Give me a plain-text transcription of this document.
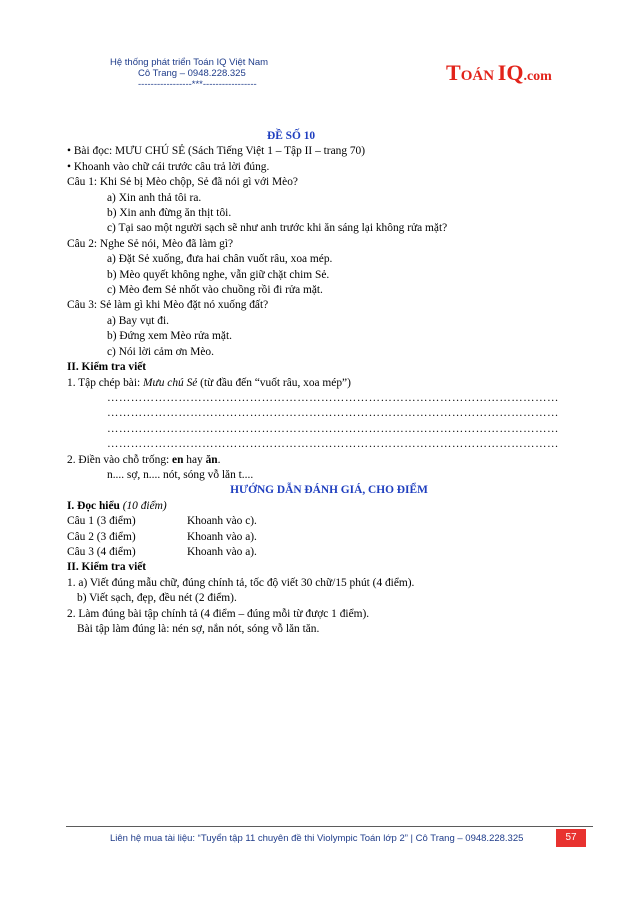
Hệ thống phát triển Toán IQ Việt Nam
Cô Trang – 0948.228.325
-----------------***-----------------	TOÁN IQ.com

ĐỀ SỐ 10

• Bài đọc: MƯU CHÚ SẺ (Sách Tiếng Việt 1 – Tập II – trang 70)

• Khoanh vào chữ cái trước câu trả lời đúng.

Câu 1: Khi Sẻ bị Mèo chộp, Sẻ đã nói gì với Mèo?

a) Xin anh thả tôi ra.

b) Xin anh đừng ăn thịt tôi.

c) Tại sao một người sạch sẽ như anh trước khi ăn sáng lại không rửa mặt?

Câu 2: Nghe Sẻ nói, Mèo đã làm gì?

a) Đặt Sẻ xuống, đưa hai chân vuốt râu, xoa mép.

b) Mèo quyết không nghe, vẫn giữ chặt chim Sẻ.

c) Mèo đem Sẻ nhốt vào chuồng rồi đi rửa mặt.

Câu 3: Sẻ làm gì khi Mèo đặt nó xuống đất?

a) Bay vụt đi.

b) Đứng xem Mèo rửa mặt.

c) Nói lời cảm ơn Mèo.

II. Kiểm tra viết

1. Tập chép bài: Mưu chú Sẻ (từ đầu đến “vuốt râu, xoa mép”)

……………………………………………………………………………………………………

……………………………………………………………………………………………………

……………………………………………………………………………………………………

……………………………………………………………………………………………………

2. Điền vào chỗ trống: en hay ăn.

n.... sợ, n.... nót, sóng vỗ lăn t....

HƯỚNG DẪN ĐÁNH GIÁ, CHO ĐIỂM

I. Đọc hiểu (10 điểm)

Câu 1 (3 điểm)	Khoanh vào c).
Câu 2 (3 điểm)	Khoanh vào a).
Câu 3 (4 điểm)	Khoanh vào a).

II. Kiểm tra viết

1. a) Viết đúng mẫu chữ, đúng chính tả, tốc độ viết 30 chữ/15 phút (4 điểm).

b) Viết sạch, đẹp, đều nét (2 điểm).

2. Làm đúng bài tập chính tả (4 điểm – đúng mỗi từ được 1 điểm).

Bài tập làm đúng là: nén sợ, nắn nót, sóng vỗ lăn tăn.

Liên hệ mua tài liệu: “Tuyển tập 11 chuyên đề thi Violympic Toán lớp 2” | Cô Trang – 0948.228.325	57
